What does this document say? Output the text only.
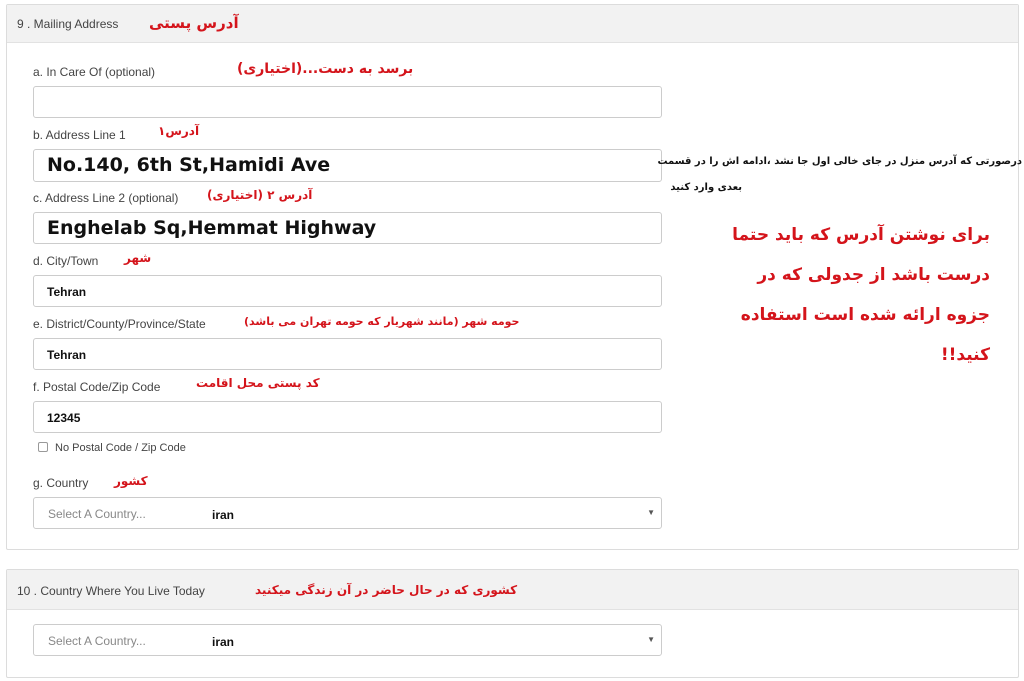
9 . Mailing Address آدرس پستی
a. In Care Of (optional)	برسد به دست...(اختیاری)
b. Address Line 1	آدرس۱
No.140, 6th St,Hamidi Ave	درصورتی که آدرس منزل در جای خالی اول جا نشد ،ادامه اش را در قسمت
بعدی وارد کنید
c. Address Line 2 (optional) آدرس ۲ (اختیاری)
Enghelab Sq,Hemmat Highway
d. City/Town شهر
Tehran
e. District/County/Province/State	حومه شهر (مانند شهریار که حومه تهران می باشد)
Tehran
f. Postal Code/Zip Code	کد پستی محل اقامت
12345
No Postal Code / Zip Code
g. Country کشور
Select A Country...	iran	▼
برای نوشتن آدرس که باید حتما
درست باشد از جدولی که در
جزوه ارائه شده است استفاده
کنید!!
10 . Country Where You Live Today	کشوری که در حال حاضر در آن زندگی میکنید
Select A Country...	iran	▼
